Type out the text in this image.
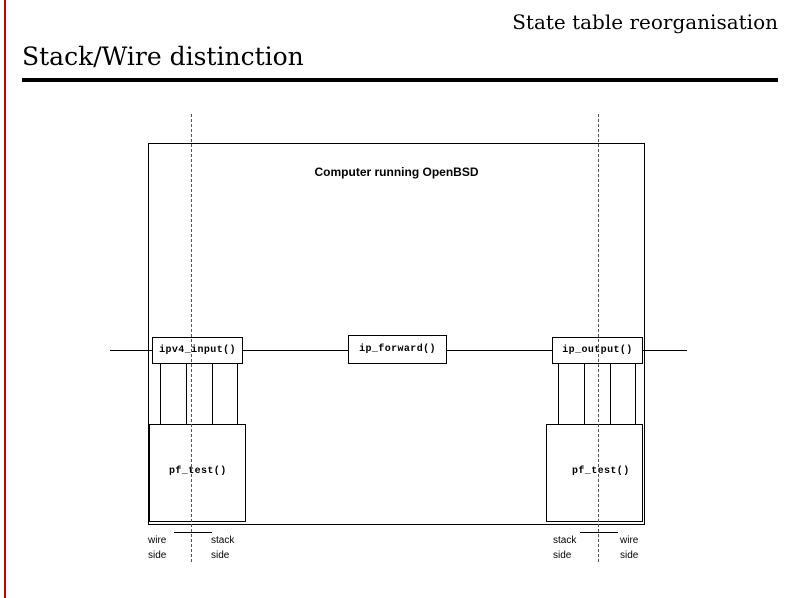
State table reorganisation
Stack/Wire distinction
Computer running OpenBSD
ipv4_input()	ip_forward()	ip_output()
pf_test()	pf_test()
wire
side
stack
side
stack
side
wire
side
